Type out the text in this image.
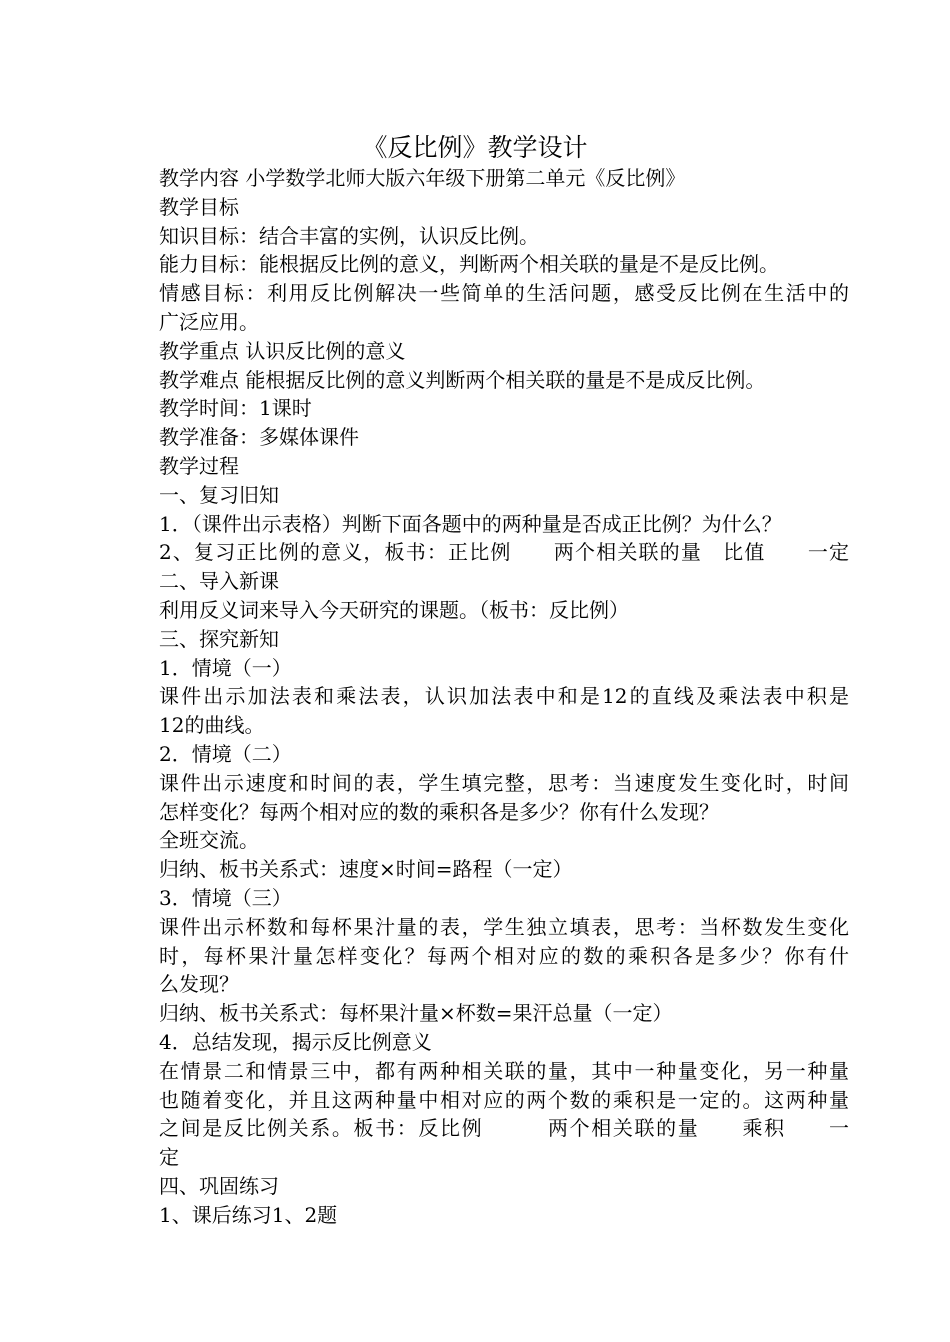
《反比例》教学设计
教学内容 小学数学北师大版六年级下册第二单元《反比例》
教学目标
知识目标：结合丰富的实例，认识反比例。
能力目标：能根据反比例的意义，判断两个相关联的量是不是反比例。
情感目标：利用反比例解决一些简单的生活问题，感受反比例在生活中的
广泛应用。
教学重点 认识反比例的意义
教学难点 能根据反比例的意义判断两个相关联的量是不是成反比例。
教学时间：1课时
教学准备：多媒体课件
教学过程
一、复习旧知
1．（课件出示表格）判断下面各题中的两种量是否成正比例？为什么？
2、复习正比例的意义，板书：正比例　　两个相关联的量　比值　　一定
二、导入新课
利用反义词来导入今天研究的课题。（板书：反比例）
三、探究新知
1．情境（一）
课件出示加法表和乘法表，认识加法表中和是12的直线及乘法表中积是
12的曲线。
2．情境（二）
课件出示速度和时间的表，学生填完整，思考：当速度发生变化时，时间
怎样变化？每两个相对应的数的乘积各是多少？你有什么发现？
全班交流。
归纳、板书关系式：速度×时间=路程（一定）
3．情境（三）
课件出示杯数和每杯果汁量的表，学生独立填表，思考：当杯数发生变化
时，每杯果汁量怎样变化？每两个相对应的数的乘积各是多少？你有什
么发现？
归纳、板书关系式：每杯果汁量×杯数=果汗总量（一定）
4．总结发现，揭示反比例意义
在情景二和情景三中，都有两种相关联的量，其中一种量变化，另一种量
也随着变化，并且这两种量中相对应的两个数的乘积是一定的。这两种量
之间是反比例关系。板书：反比例　　　两个相关联的量　　乘积　　一
定
四、巩固练习
1、课后练习1、2题
